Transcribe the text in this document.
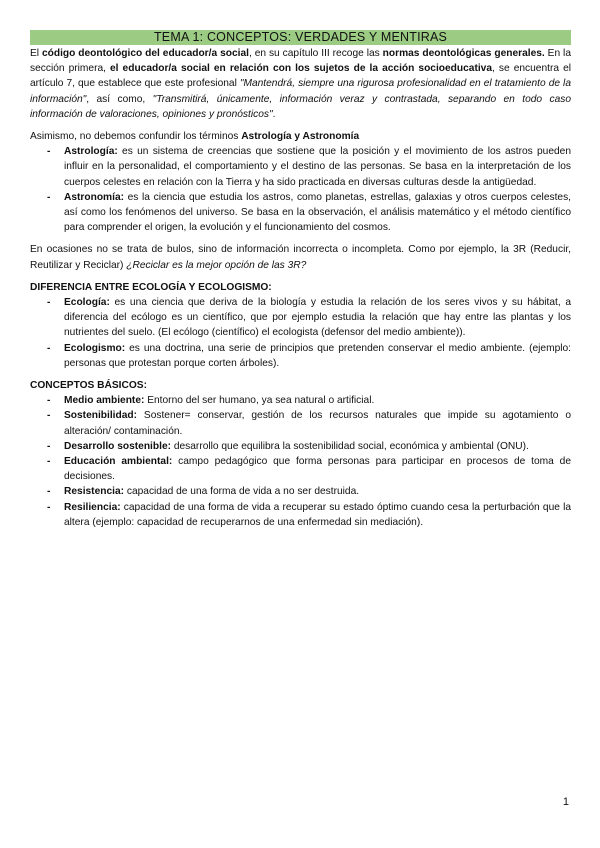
TEMA 1: CONCEPTOS: VERDADES Y MENTIRAS

El código deontológico del educador/a social, en su capítulo III recoge las normas deontológicas generales. En la sección primera, el educador/a social en relación con los sujetos de la acción socioeducativa, se encuentra el artículo 7, que establece que este profesional "Mantendrá, siempre una rigurosa profesionalidad en el tratamiento de la información", así como, "Transmitirá, únicamente, información veraz y contrastada, separando en todo caso información de valoraciones, opiniones y pronósticos".

Asimismo, no debemos confundir los términos Astrología y Astronomía

- Astrología: es un sistema de creencias que sostiene que la posición y el movimiento de los astros pueden influir en la personalidad, el comportamiento y el destino de las personas. Se basa en la interpretación de los cuerpos celestes en relación con la Tierra y ha sido practicada en diversas culturas desde la antigüedad.
- Astronomía: es la ciencia que estudia los astros, como planetas, estrellas, galaxias y otros cuerpos celestes, así como los fenómenos del universo. Se basa en la observación, el análisis matemático y el método científico para comprender el origen, la evolución y el funcionamiento del cosmos.

En ocasiones no se trata de bulos, sino de información incorrecta o incompleta. Como por ejemplo, la 3R (Reducir, Reutilizar y Reciclar) ¿Reciclar es la mejor opción de las 3R?

DIFERENCIA ENTRE ECOLOGÍA Y ECOLOGISMO:
- Ecología: es una ciencia que deriva de la biología y estudia la relación de los seres vivos y su hábitat, a diferencia del ecólogo es un científico, que por ejemplo estudia la relación que hay entre las plantas y los nutrientes del suelo. (El ecólogo (científico) el ecologista (defensor del medio ambiente)).
- Ecologismo: es una doctrina, una serie de principios que pretenden conservar el medio ambiente. (ejemplo: personas que protestan porque corten árboles).
CONCEPTOS BÁSICOS:
- Medio ambiente: Entorno del ser humano, ya sea natural o artificial.
- Sostenibilidad: Sostener= conservar, gestión de los recursos naturales que impide su agotamiento o alteración/ contaminación.
- Desarrollo sostenible: desarrollo que equilibra la sostenibilidad social, económica y ambiental (ONU).
- Educación ambiental: campo pedagógico que forma personas para participar en procesos de toma de decisiones.
- Resistencia: capacidad de una forma de vida a no ser destruida.
- Resiliencia: capacidad de una forma de vida a recuperar su estado óptimo cuando cesa la perturbación que la altera (ejemplo: capacidad de recuperarnos de una enfermedad sin mediación).
1
